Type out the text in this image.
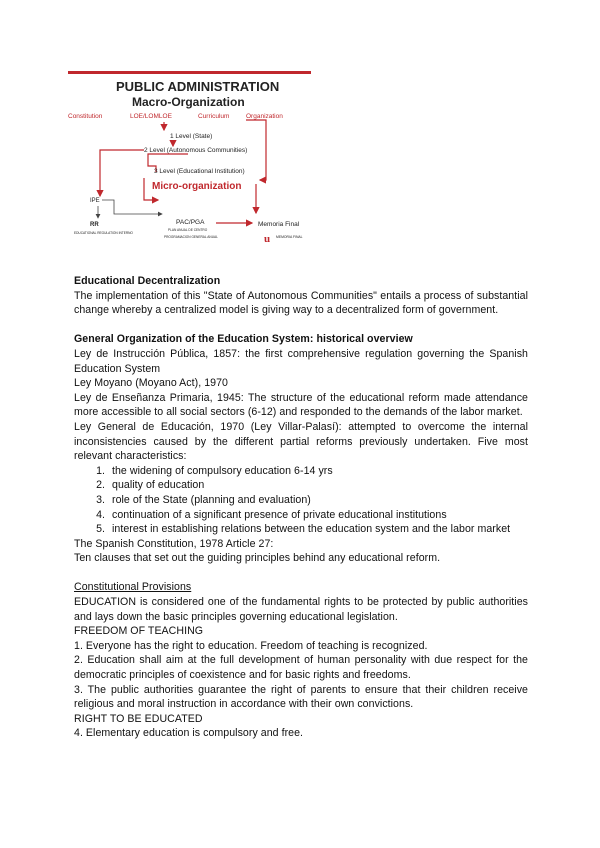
PUBLIC ADMINISTRATION
Macro-Organization
Constitution	LOE/LOMLOE	Curriculum	Organization
1 Level (State)
2 Level (Autonomous Communities)
3 Level (Educational Institution)
Micro-organization
IPE
RR
EDUCATIONAL REGULATION INTERNO
PAC/PGA
PLAN ANUAL DE CENTRO
PROGRAMACION GENERAL ANUAL
Memoria Final
u MEMORIA FINAL
Educational Decentralization

The implementation of this "State of Autonomous Communities" entails a process of substantial change whereby a centralized model is giving way to a decentralized form of government.

General Organization of the Education System: historical overview

Ley de Instrucción Pública, 1857: the first comprehensive regulation governing the Spanish Education System

Ley Moyano (Moyano Act), 1970

Ley de Enseñanza Primaria, 1945: The structure of the educational reform made attendance more accessible to all social sectors (6-12) and responded to the demands of the labor market.

Ley General de Educación, 1970 (Ley Villar-Palasí): attempted to overcome the internal inconsistencies caused by the different partial reforms previously undertaken. Five most relevant characteristics:

1. the widening of compulsory education 6-14 yrs
2. quality of education
3. role of the State (planning and evaluation)
4. continuation of a significant presence of private educational institutions
5. interest in establishing relations between the education system and the labor market

The Spanish Constitution, 1978 Article 27:

Ten clauses that set out the guiding principles behind any educational reform.

Constitutional Provisions

EDUCATION is considered one of the fundamental rights to be protected by public authorities and lays down the basic principles governing educational legislation.

FREEDOM OF TEACHING

1. Everyone has the right to education. Freedom of teaching is recognized.

2. Education shall aim at the full development of human personality with due respect for the democratic principles of coexistence and for basic rights and freedoms.

3. The public authorities guarantee the right of parents to ensure that their children receive religious and moral instruction in accordance with their own convictions.

RIGHT TO BE EDUCATED

4. Elementary education is compulsory and free.
